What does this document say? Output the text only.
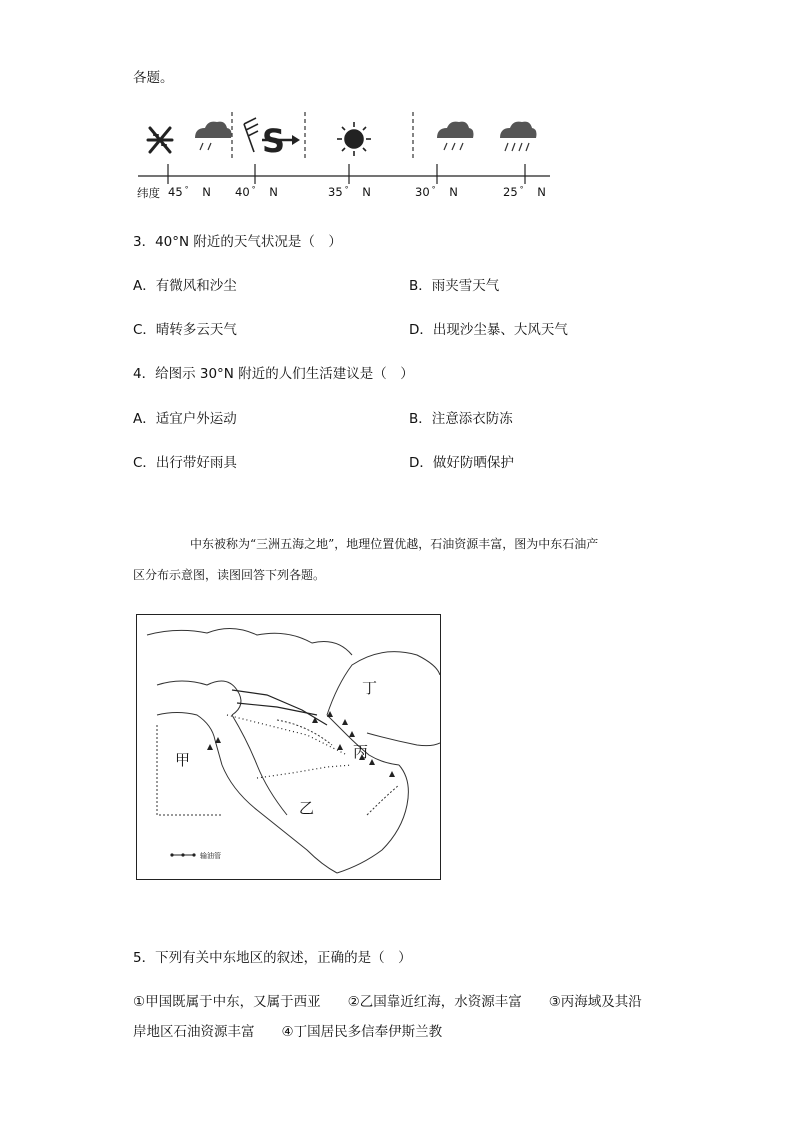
各题。
S
纬度 45 ° N 40 ° N	35 ° N	30 ° N	25 ° N
3．40°N 附近的天气状况是（　）
A．有微风和沙尘	B．雨夹雪天气
C．晴转多云天气	D．出现沙尘暴、大风天气
4．给图示 30°N 附近的人们生活建议是（　）
A．适宜户外运动	B．注意添衣防冻
C．出行带好雨具	D．做好防晒保护
中东被称为“三洲五海之地”，地理位置优越，石油资源丰富，图为中东石油产
区分布示意图，读图回答下列各题。
甲
乙
丙
丁
输油管
5．下列有关中东地区的叙述，正确的是（　）
①甲国既属于中东，又属于西亚　　②乙国靠近红海，水资源丰富　　③丙海域及其沿
岸地区石油资源丰富　　④丁国居民多信奉伊斯兰教
